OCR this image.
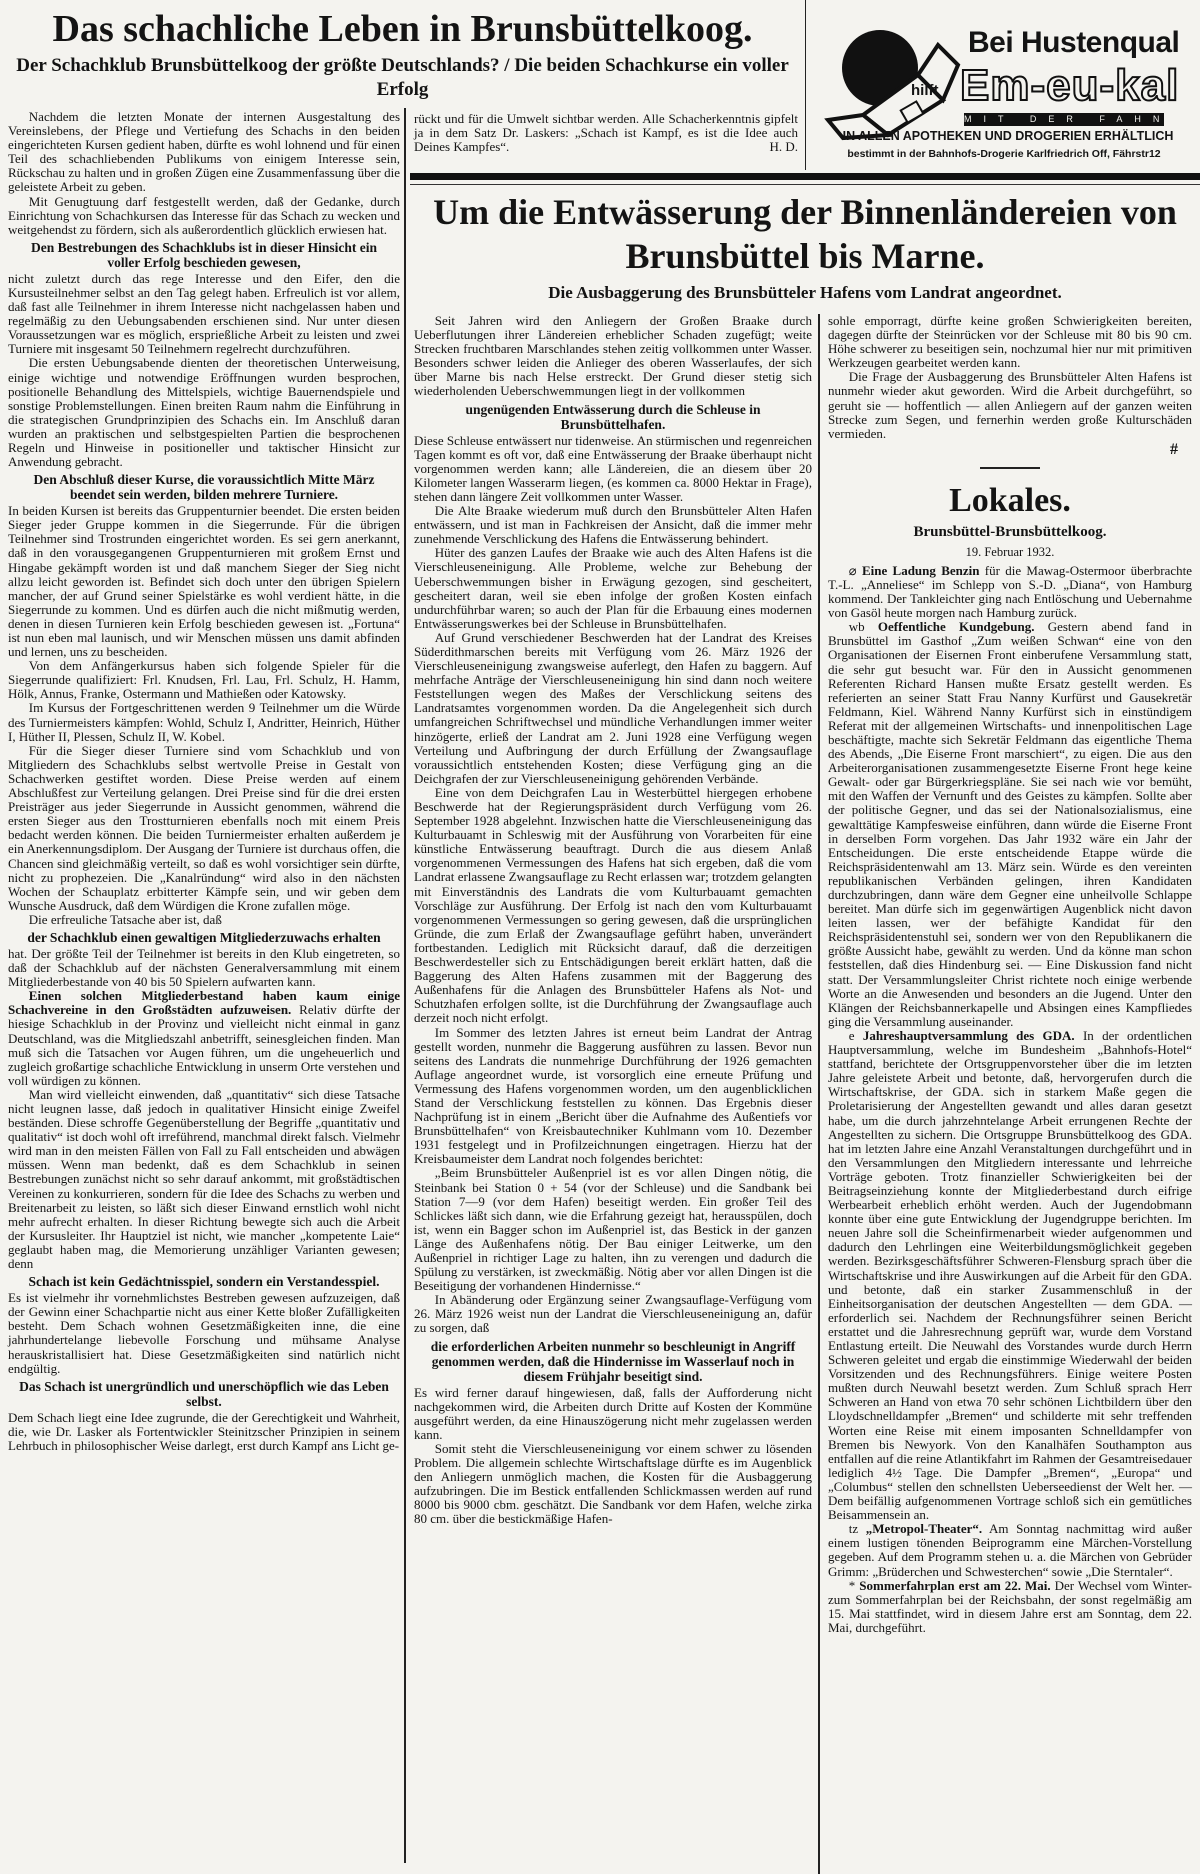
Das schachliche Leben in Brunsbüttelkoog.
Der Schachklub Brunsbüttelkoog der größte Deutschlands? / Die beiden Schachkurse ein voller Erfolg

Nachdem die letzten Monate der internen Ausgestaltung des Vereinslebens, der Pflege und Vertiefung des Schachs in den beiden eingerichteten Kursen gedient haben, dürfte es wohl lohnend und für einen Teil des schachliebenden Publikums von einigem Interesse sein, Rückschau zu halten und in großen Zügen eine Zusammenfassung über die geleistete Arbeit zu geben.

Mit Genugtuung darf festgestellt werden, daß der Gedanke, durch Einrichtung von Schachkursen das Interesse für das Schach zu wecken und weitgehendst zu fördern, sich als außerordentlich glücklich erwiesen hat.

Den Bestrebungen des Schachklubs ist in dieser Hinsicht ein voller Erfolg beschieden gewesen,

nicht zuletzt durch das rege Interesse und den Eifer, den die Kursusteilnehmer selbst an den Tag gelegt haben. Erfreulich ist vor allem, daß fast alle Teilnehmer in ihrem Interesse nicht nachgelassen haben und regelmäßig zu den Uebungsabenden erschienen sind. Nur unter diesen Voraussetzungen war es möglich, ersprießliche Arbeit zu leisten und zwei Turniere mit insgesamt 50 Teilnehmern regelrecht durchzuführen.

Die ersten Uebungsabende dienten der theoretischen Unterweisung, einige wichtige und notwendige Eröffnungen wurden besprochen, positionelle Behandlung des Mittelspiels, wichtige Bauernendspiele und sonstige Problemstellungen. Einen breiten Raum nahm die Einführung in die strategischen Grundprinzipien des Schachs ein. Im Anschluß daran wurden an praktischen und selbstgespielten Partien die besprochenen Regeln und Hinweise in positioneller und taktischer Hinsicht zur Anwendung gebracht.

Den Abschluß dieser Kurse, die voraussichtlich Mitte März beendet sein werden, bilden mehrere Turniere.

In beiden Kursen ist bereits das Gruppenturnier beendet. Die ersten beiden Sieger jeder Gruppe kommen in die Siegerrunde. Für die übrigen Teilnehmer sind Trostrunden eingerichtet worden. Es sei gern anerkannt, daß in den vorausgegangenen Gruppenturnieren mit großem Ernst und Hingabe gekämpft worden ist und daß manchem Sieger der Sieg nicht allzu leicht geworden ist. Befindet sich doch unter den übrigen Spielern mancher, der auf Grund seiner Spielstärke es wohl verdient hätte, in die Siegerrunde zu kommen. Und es dürfen auch die nicht mißmutig werden, denen in diesen Turnieren kein Erfolg beschieden gewesen ist. „Fortuna“ ist nun eben mal launisch, und wir Menschen müssen uns damit abfinden und lernen, uns zu bescheiden.

Von dem Anfängerkursus haben sich folgende Spieler für die Siegerrunde qualifiziert: Frl. Knudsen, Frl. Lau, Frl. Schulz, H. Hamm, Hölk, Annus, Franke, Ostermann und Mathießen oder Katowsky.

Im Kursus der Fortgeschrittenen werden 9 Teilnehmer um die Würde des Turniermeisters kämpfen: Wohld, Schulz I, Andritter, Heinrich, Hüther I, Hüther II, Plessen, Schulz II, W. Kobel.

Für die Sieger dieser Turniere sind vom Schachklub und von Mitgliedern des Schachklubs selbst wertvolle Preise in Gestalt von Schachwerken gestiftet worden. Diese Preise werden auf einem Abschlußfest zur Verteilung gelangen. Drei Preise sind für die drei ersten Preisträger aus jeder Siegerrunde in Aussicht genommen, während die ersten Sieger aus den Trostturnieren ebenfalls noch mit einem Preis bedacht werden können. Die beiden Turniermeister erhalten außerdem je ein Anerkennungsdiplom. Der Ausgang der Turniere ist durchaus offen, die Chancen sind gleichmäßig verteilt, so daß es wohl vorsichtiger sein dürfte, nicht zu prophezeien. Die „Kanalründung“ wird also in den nächsten Wochen der Schauplatz erbitterter Kämpfe sein, und wir geben dem Wunsche Ausdruck, daß dem Würdigen die Krone zufallen möge.

Die erfreuliche Tatsache aber ist, daß

der Schachklub einen gewaltigen Mitgliederzuwachs erhalten

hat. Der größte Teil der Teilnehmer ist bereits in den Klub eingetreten, so daß der Schachklub auf der nächsten Generalversammlung mit einem Mitgliederbestande von 40 bis 50 Spielern aufwarten kann.

Einen solchen Mitgliederbestand haben kaum einige Schachvereine in den Großstädten aufzuweisen. Relativ dürfte der hiesige Schachklub in der Provinz und vielleicht nicht einmal in ganz Deutschland, was die Mitgliedszahl anbetrifft, seinesgleichen finden. Man muß sich die Tatsachen vor Augen führen, um die ungeheuerlich und zugleich großartige schachliche Entwicklung in unserm Orte verstehen und voll würdigen zu können.

Man wird vielleicht einwenden, daß „quantitativ“ sich diese Tatsache nicht leugnen lasse, daß jedoch in qualitativer Hinsicht einige Zweifel beständen. Diese schroffe Gegenüberstellung der Begriffe „quantitativ und qualitativ“ ist doch wohl oft irreführend, manchmal direkt falsch. Vielmehr wird man in den meisten Fällen von Fall zu Fall entscheiden und abwägen müssen. Wenn man bedenkt, daß es dem Schachklub in seinen Bestrebungen zunächst nicht so sehr darauf ankommt, mit großstädtischen Vereinen zu konkurrieren, sondern für die Idee des Schachs zu werben und Breitenarbeit zu leisten, so läßt sich dieser Einwand ernstlich wohl nicht mehr aufrecht erhalten. In dieser Richtung bewegte sich auch die Arbeit der Kursusleiter. Ihr Hauptziel ist nicht, wie mancher „kompetente Laie“ geglaubt haben mag, die Memorierung unzähliger Varianten gewesen; denn

Schach ist kein Gedächtnisspiel, sondern ein Verstandesspiel.

Es ist vielmehr ihr vornehmlichstes Bestreben gewesen aufzuzeigen, daß der Gewinn einer Schachpartie nicht aus einer Kette bloßer Zufälligkeiten besteht. Dem Schach wohnen Gesetzmäßigkeiten inne, die eine jahrhundertelange liebevolle Forschung und mühsame Analyse herauskristallisiert hat. Diese Gesetzmäßigkeiten sind natürlich nicht endgültig.

Das Schach ist unergründlich und unerschöpflich wie das Leben selbst.

Dem Schach liegt eine Idee zugrunde, die der Gerechtigkeit und Wahrheit, die, wie Dr. Lasker als Fortentwickler Steinitzscher Prinzipien in seinem Lehrbuch in philosophischer Weise darlegt, erst durch Kampf ans Licht ge-

rückt und für die Umwelt sichtbar werden. Alle Schacherkenntnis gipfelt ja in dem Satz Dr. Laskers: „Schach ist Kampf, es ist die Idee auch Deines Kampfes“.	H. D.

Bei Hustenqual
hilft Em-eu-kal
MIT DER FAHNE
IN ALLEN APOTHEKEN UND DROGERIEN ERHÄLTLICH
bestimmt in der Bahnhofs-Drogerie Karlfriedrich Off, Fährstr12
Um die Entwässerung der Binnenländereien von Brunsbüttel bis Marne.
Die Ausbaggerung des Brunsbütteler Hafens vom Landrat angeordnet.

Seit Jahren wird den Anliegern der Großen Braake durch Ueberflutungen ihrer Ländereien erheblicher Schaden zugefügt; weite Strecken fruchtbaren Marschlandes stehen zeitig vollkommen unter Wasser. Besonders schwer leiden die Anlieger des oberen Wasserlaufes, der sich über Marne bis nach Helse erstreckt. Der Grund dieser stetig sich wiederholenden Ueberschwemmungen liegt in der vollkommen

ungenügenden Entwässerung durch die Schleuse in Brunsbüttelhafen.

Diese Schleuse entwässert nur tidenweise. An stürmischen und regenreichen Tagen kommt es oft vor, daß eine Entwässerung der Braake überhaupt nicht vorgenommen werden kann; alle Ländereien, die an diesem über 20 Kilometer langen Wasserarm liegen, (es kommen ca. 8000 Hektar in Frage), stehen dann längere Zeit vollkommen unter Wasser.

Die Alte Braake wiederum muß durch den Brunsbütteler Alten Hafen entwässern, und ist man in Fachkreisen der Ansicht, daß die immer mehr zunehmende Verschlickung des Hafens die Entwässerung behindert.

Hüter des ganzen Laufes der Braake wie auch des Alten Hafens ist die Vierschleuseneinigung. Alle Probleme, welche zur Behebung der Ueberschwemmungen bisher in Erwägung gezogen, sind gescheitert, gescheitert daran, weil sie eben infolge der großen Kosten einfach undurchführbar waren; so auch der Plan für die Erbauung eines modernen Entwässerungswerkes bei der Schleuse in Brunsbüttelhafen.

Auf Grund verschiedener Beschwerden hat der Landrat des Kreises Süderdithmarschen bereits mit Verfügung vom 26. März 1926 der Vierschleuseneinigung zwangsweise auferlegt, den Hafen zu baggern. Auf mehrfache Anträge der Vierschleuseneinigung hin sind dann noch weitere Feststellungen wegen des Maßes der Verschlickung seitens des Landratsamtes vorgenommen worden. Da die Angelegenheit sich durch umfangreichen Schriftwechsel und mündliche Verhandlungen immer weiter hinzögerte, erließ der Landrat am 2. Juni 1928 eine Verfügung wegen Verteilung und Aufbringung der durch Erfüllung der Zwangsauflage voraussichtlich entstehenden Kosten; diese Verfügung ging an die Deichgrafen der zur Vierschleuseneinigung gehörenden Verbände.

Eine von dem Deichgrafen Lau in Westerbüttel hiergegen erhobene Beschwerde hat der Regierungspräsident durch Verfügung vom 26. September 1928 abgelehnt. Inzwischen hatte die Vierschleuseneinigung das Kulturbauamt in Schleswig mit der Ausführung von Vorarbeiten für eine künstliche Entwässerung beauftragt. Durch die aus diesem Anlaß vorgenommenen Vermessungen des Hafens hat sich ergeben, daß die vom Landrat erlassene Zwangsauflage zu Recht erlassen war; trotzdem gelangten mit Einverständnis des Landrats die vom Kulturbauamt gemachten Vorschläge zur Ausführung. Der Erfolg ist nach den vom Kulturbauamt vorgenommenen Vermessungen so gering gewesen, daß die ursprünglichen Gründe, die zum Erlaß der Zwangsauflage geführt haben, unverändert fortbestanden. Lediglich mit Rücksicht darauf, daß die derzeitigen Beschwerdesteller sich zu Entschädigungen bereit erklärt hatten, daß die Baggerung des Alten Hafens zusammen mit der Baggerung des Außenhafens für die Anlagen des Brunsbütteler Hafens als Not- und Schutzhafen erfolgen sollte, ist die Durchführung der Zwangsauflage auch derzeit noch nicht erfolgt.

Im Sommer des letzten Jahres ist erneut beim Landrat der Antrag gestellt worden, nunmehr die Baggerung ausführen zu lassen. Bevor nun seitens des Landrats die nunmehrige Durchführung der 1926 gemachten Auflage angeordnet wurde, ist vorsorglich eine erneute Prüfung und Vermessung des Hafens vorgenommen worden, um den augenblicklichen Stand der Verschlickung feststellen zu können. Das Ergebnis dieser Nachprüfung ist in einem „Bericht über die Aufnahme des Außentiefs vor Brunsbüttelhafen“ von Kreisbautechniker Kuhlmann vom 10. Dezember 1931 festgelegt und in Profilzeichnungen eingetragen. Hierzu hat der Kreisbaumeister dem Landrat noch folgendes berichtet:

„Beim Brunsbütteler Außenpriel ist es vor allen Dingen nötig, die Steinbank bei Station 0 + 54 (vor der Schleuse) und die Sandbank bei Station 7—9 (vor dem Hafen) beseitigt werden. Ein großer Teil des Schlickes läßt sich dann, wie die Erfahrung gezeigt hat, herausspülen, doch ist, wenn ein Bagger schon im Außenpriel ist, das Bestick in der ganzen Länge des Außenhafens nötig. Der Bau einiger Leitwerke, um den Außenpriel in richtiger Lage zu halten, ihn zu verengen und dadurch die Spülung zu verstärken, ist zweckmäßig. Nötig aber vor allen Dingen ist die Beseitigung der vorhandenen Hindernisse.“

In Abänderung oder Ergänzung seiner Zwangsauflage-Verfügung vom 26. März 1926 weist nun der Landrat die Vierschleuseneinigung an, dafür zu sorgen, daß

die erforderlichen Arbeiten nunmehr so beschleunigt in Angriff genommen werden, daß die Hindernisse im Wasserlauf noch in diesem Frühjahr beseitigt sind.

Es wird ferner darauf hingewiesen, daß, falls der Aufforderung nicht nachgekommen wird, die Arbeiten durch Dritte auf Kosten der Kommüne ausgeführt werden, da eine Hinauszögerung nicht mehr zugelassen werden kann.

Somit steht die Vierschleuseneinigung vor einem schwer zu lösenden Problem. Die allgemein schlechte Wirtschaftslage dürfte es im Augenblick den Anliegern unmöglich machen, die Kosten für die Ausbaggerung aufzubringen. Die im Bestick entfallenden Schlickmassen werden auf rund 8000 bis 9000 cbm. geschätzt. Die Sandbank vor dem Hafen, welche zirka 80 cm. über die bestickmäßige Hafen-

sohle emporragt, dürfte keine großen Schwierigkeiten bereiten, dagegen dürfte der Steinrücken vor der Schleuse mit 80 bis 90 cm. Höhe schwerer zu beseitigen sein, nochzumal hier nur mit primitiven Werkzeugen gearbeitet werden kann.

Die Frage der Ausbaggerung des Brunsbütteler Alten Hafens ist nunmehr wieder akut geworden. Wird die Arbeit durchgeführt, so geruht sie — hoffentlich — allen Anliegern auf der ganzen weiten Strecke zum Segen, und fernerhin werden große Kulturschäden vermieden.

#
Lokales.
Brunsbüttel-Brunsbüttelkoog.
19. Februar 1932.

⌀ Eine Ladung Benzin für die Mawag-Ostermoor überbrachte T.-L. „Anneliese“ im Schlepp von S.-D. „Diana“, von Hamburg kommend. Der Tankleichter ging nach Entlöschung und Uebernahme von Gasöl heute morgen nach Hamburg zurück.

wb Oeffentliche Kundgebung. Gestern abend fand in Brunsbüttel im Gasthof „Zum weißen Schwan“ eine von den Organisationen der Eisernen Front einberufene Versammlung statt, die sehr gut besucht war. Für den in Aussicht genommenen Referenten Richard Hansen mußte Ersatz gestellt werden. Es referierten an seiner Statt Frau Nanny Kurfürst und Gausekretär Feldmann, Kiel. Während Nanny Kurfürst sich in einstündigem Referat mit der allgemeinen Wirtschafts- und innenpolitischen Lage beschäftigte, machte sich Sekretär Feldmann das eigentliche Thema des Abends, „Die Eiserne Front marschiert“, zu eigen. Die aus den Arbeiterorganisationen zusammengesetzte Eiserne Front hege keine Gewalt- oder gar Bürgerkriegspläne. Sie sei nach wie vor bemüht, mit den Waffen der Vernunft und des Geistes zu kämpfen. Sollte aber der politische Gegner, und das sei der Nationalsozialismus, eine gewalttätige Kampfesweise einführen, dann würde die Eiserne Front in derselben Form vorgehen. Das Jahr 1932 wäre ein Jahr der Entscheidungen. Die erste entscheidende Etappe würde die Reichspräsidentenwahl am 13. März sein. Würde es den vereinten republikanischen Verbänden gelingen, ihren Kandidaten durchzubringen, dann wäre dem Gegner eine unheilvolle Schlappe bereitet. Man dürfe sich im gegenwärtigen Augenblick nicht davon leiten lassen, wer der befähigte Kandidat für den Reichspräsidentenstuhl sei, sondern wer von den Republikanern die größte Aussicht habe, gewählt zu werden. Und da könne man schon feststellen, daß dies Hindenburg sei. — Eine Diskussion fand nicht statt. Der Versammlungsleiter Christ richtete noch einige werbende Worte an die Anwesenden und besonders an die Jugend. Unter den Klängen der Reichsbannerkapelle und Absingen eines Kampfliedes ging die Versammlung auseinander.

e Jahreshauptversammlung des GDA. In der ordentlichen Hauptversammlung, welche im Bundesheim „Bahnhofs-Hotel“ stattfand, berichtete der Ortsgruppenvorsteher über die im letzten Jahre geleistete Arbeit und betonte, daß, hervorgerufen durch die Wirtschaftskrise, der GDA. sich in starkem Maße gegen die Proletarisierung der Angestellten gewandt und alles daran gesetzt habe, um die durch jahrzehntelange Arbeit errungenen Rechte der Angestellten zu sichern. Die Ortsgruppe Brunsbüttelkoog des GDA. hat im letzten Jahre eine Anzahl Veranstaltungen durchgeführt und in den Versammlungen den Mitgliedern interessante und lehrreiche Vorträge geboten. Trotz finanzieller Schwierigkeiten bei der Beitragseinziehung konnte der Mitgliederbestand durch eifrige Werbearbeit erheblich erhöht werden. Auch der Jugendobmann konnte über eine gute Entwicklung der Jugendgruppe berichten. Im neuen Jahre soll die Scheinfirmenarbeit wieder aufgenommen und dadurch den Lehrlingen eine Weiterbildungsmöglichkeit gegeben werden. Bezirksgeschäftsführer Schweren-Flensburg sprach über die Wirtschaftskrise und ihre Auswirkungen auf die Arbeit für den GDA. und betonte, daß ein starker Zusammenschluß in der Einheitsorganisation der deutschen Angestellten — dem GDA. — erforderlich sei. Nachdem der Rechnungsführer seinen Bericht erstattet und die Jahresrechnung geprüft war, wurde dem Vorstand Entlastung erteilt. Die Neuwahl des Vorstandes wurde durch Herrn Schweren geleitet und ergab die einstimmige Wiederwahl der beiden Vorsitzenden und des Rechnungsführers. Einige weitere Posten mußten durch Neuwahl besetzt werden. Zum Schluß sprach Herr Schweren an Hand von etwa 70 sehr schönen Lichtbildern über den Lloydschnelldampfer „Bremen“ und schilderte mit sehr treffenden Worten eine Reise mit einem imposanten Schnelldampfer von Bremen bis Newyork. Von den Kanalhäfen Southampton aus entfallen auf die reine Atlantikfahrt im Rahmen der Gesamtreisedauer lediglich 4½ Tage. Die Dampfer „Bremen“, „Europa“ und „Columbus“ stellen den schnellsten Ueberseedienst der Welt her. — Dem beifällig aufgenommenen Vortrage schloß sich ein gemütliches Beisammensein an.

tz „Metropol-Theater“. Am Sonntag nachmittag wird außer einem lustigen tönenden Beiprogramm eine Märchen-Vorstellung gegeben. Auf dem Programm stehen u. a. die Märchen von Gebrüder Grimm: „Brüderchen und Schwesterchen“ sowie „Die Sterntaler“.

* Sommerfahrplan erst am 22. Mai. Der Wechsel vom Winter- zum Sommerfahrplan bei der Reichsbahn, der sonst regelmäßig am 15. Mai stattfindet, wird in diesem Jahre erst am Sonntag, dem 22. Mai, durchgeführt.
